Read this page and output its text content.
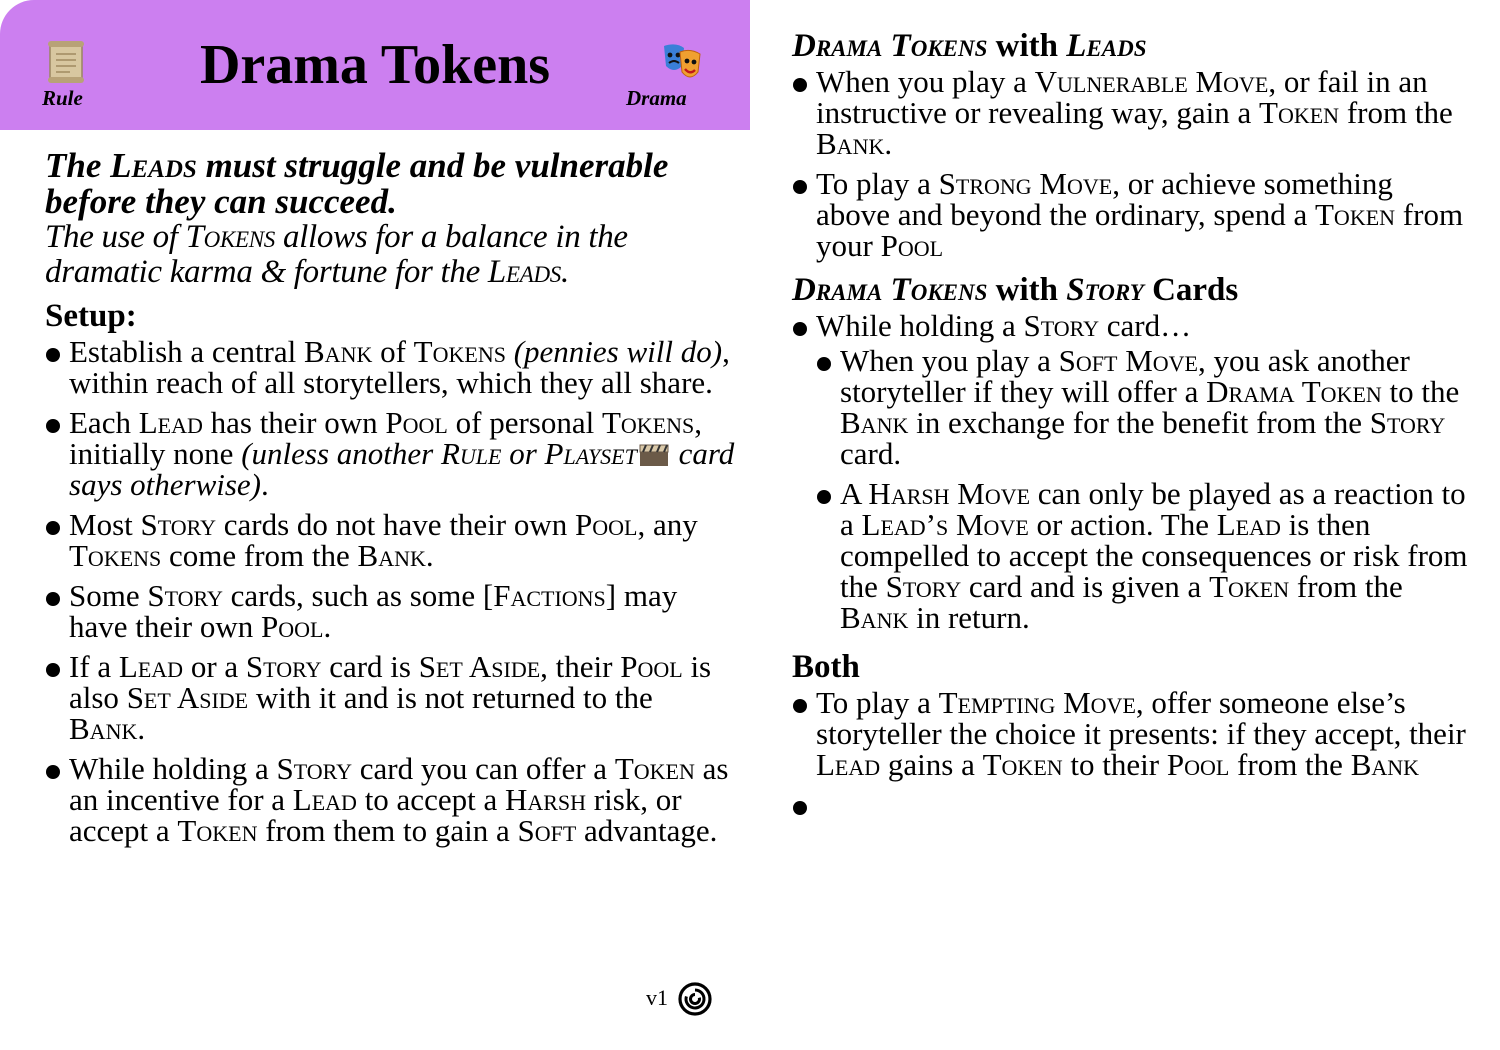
Drama Tokens
Rule	Drama
The Leads must struggle and be vulnerable before they can succeed.
The use of Tokens allows for a balance in the dramatic karma & fortune for the Leads.
Setup:
Establish a central Bank of Tokens (pennies will do), within reach of all storytellers, which they all share.
Each Lead has their own Pool of personal Tokens, initially none (unless another Rule or Playset card says otherwise).
Most Story cards do not have their own Pool, any Tokens come from the Bank.
Some Story cards, such as some [Factions] may have their own Pool.
If a Lead or a Story card is Set Aside, their Pool is also Set Aside with it and is not returned to the Bank.
While holding a Story card you can offer a Token as an incentive for a Lead to accept a Harsh risk, or accept a Token from them to gain a Soft advantage.
Drama Tokens with Leads
When you play a Vulnerable Move, or fail in an instructive or revealing way, gain a Token from the Bank.
To play a Strong Move, or achieve something above and beyond the ordinary, spend a Token from your Pool
Drama Tokens with Story Cards
While holding a Story card…
When you play a Soft Move, you ask another storyteller if they will offer a Drama Token to the Bank in exchange for the benefit from the Story card.
A Harsh Move can only be played as a reaction to a Lead’s Move or action. The Lead is then compelled to accept the consequences or risk from the Story card and is given a Token from the Bank in return.
Both
To play a Tempting Move, offer someone else’s storyteller the choice it presents: if they accept, their Lead gains a Token to their Pool from the Bank

v1
